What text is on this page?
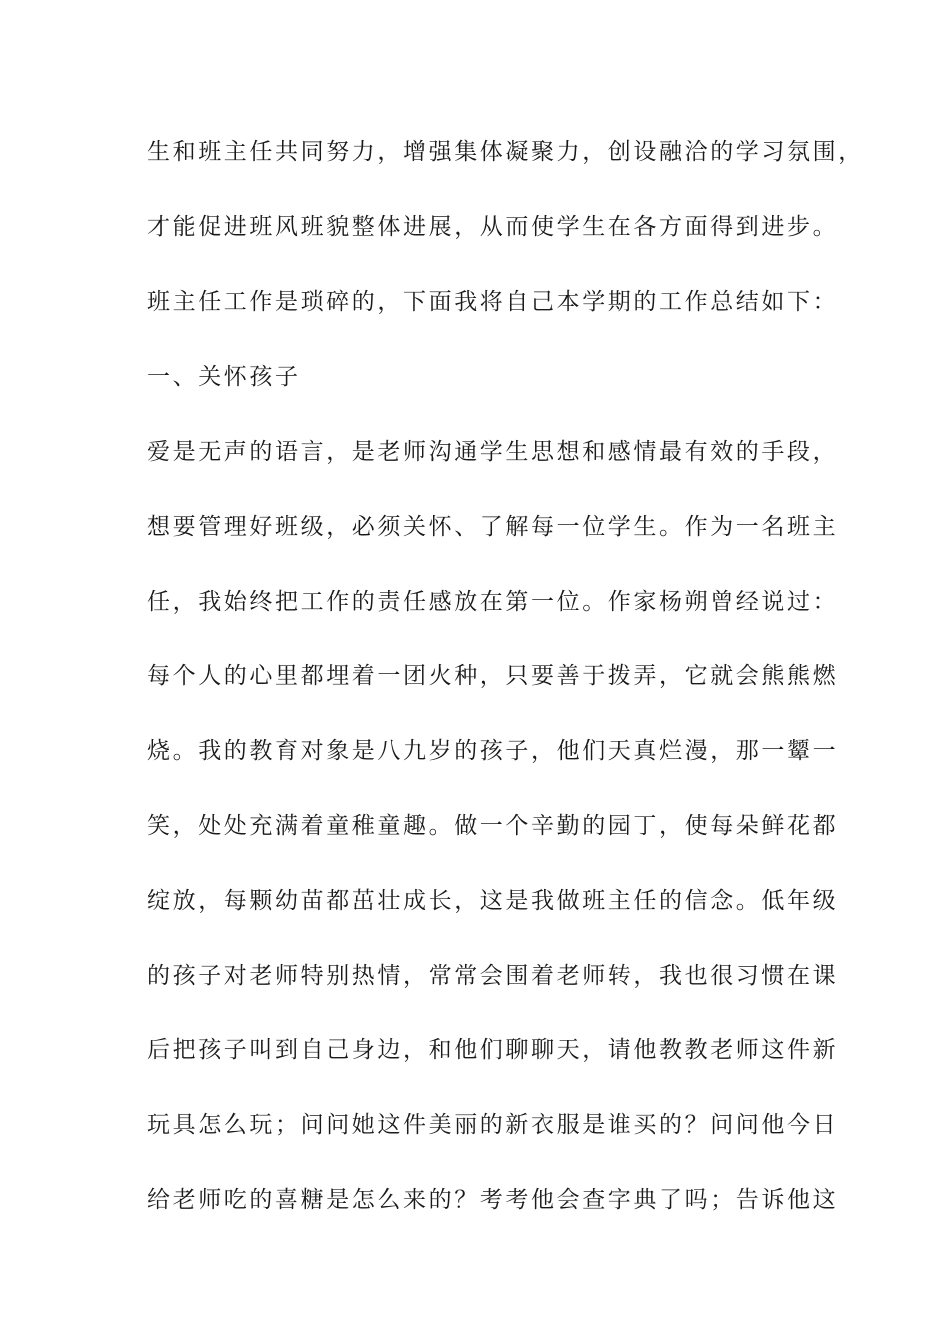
生和班主任共同努力，增强集体凝聚力，创设融洽的学习氛围，
才能促进班风班貌整体进展，从而使学生在各方面得到进步。
班主任工作是琐碎的，下面我将自己本学期的工作总结如下：
一、关怀孩子
爱是无声的语言，是老师沟通学生思想和感情最有效的手段，
想要管理好班级，必须关怀、了解每一位学生。作为一名班主
任，我始终把工作的责任感放在第一位。作家杨朔曾经说过：
每个人的心里都埋着一团火种，只要善于拨弄，它就会熊熊燃
烧。我的教育对象是八九岁的孩子，他们天真烂漫，那一颦一
笑，处处充满着童稚童趣。做一个辛勤的园丁，使每朵鲜花都
绽放，每颗幼苗都茁壮成长，这是我做班主任的信念。低年级
的孩子对老师特别热情，常常会围着老师转，我也很习惯在课
后把孩子叫到自己身边，和他们聊聊天，请他教教老师这件新
玩具怎么玩；问问她这件美丽的新衣服是谁买的？问问他今日
给老师吃的喜糖是怎么来的？考考他会查字典了吗；告诉他这
